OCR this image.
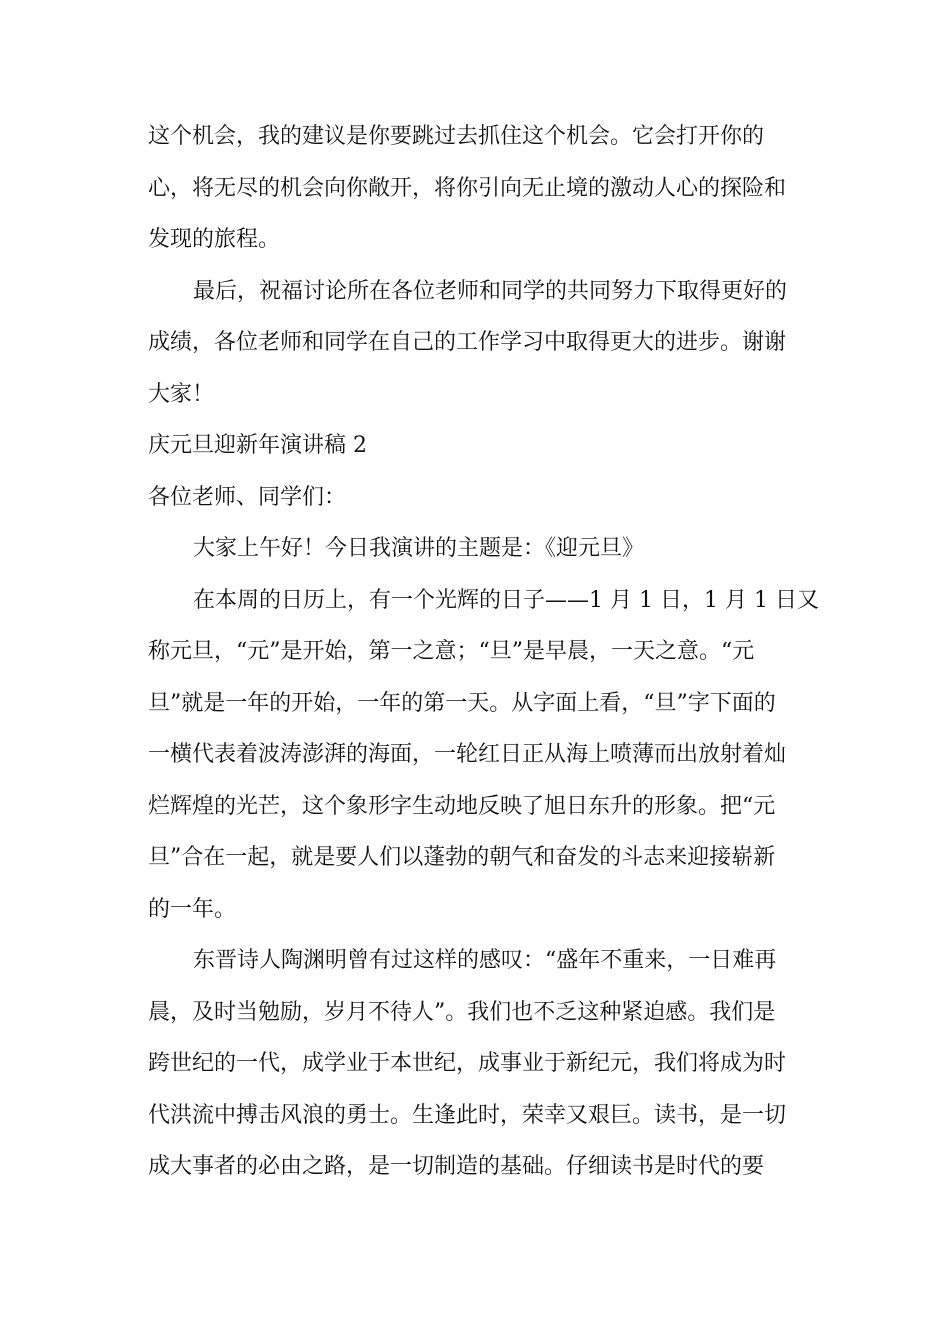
这个机会，我的建议是你要跳过去抓住这个机会。它会打开你的
心，将无尽的机会向你敞开，将你引向无止境的激动人心的探险和
发现的旅程。
最后，祝福讨论所在各位老师和同学的共同努力下取得更好的
成绩，各位老师和同学在自己的工作学习中取得更大的进步。谢谢
大家！
庆元旦迎新年演讲稿 2
各位老师、同学们：
大家上午好！今日我演讲的主题是：《迎元旦》
在本周的日历上，有一个光辉的日子——1 月 1 日，1 月 1 日又
称元旦，“元”是开始，第一之意；“旦”是早晨，一天之意。“元
旦”就是一年的开始，一年的第一天。从字面上看，“旦”字下面的
一横代表着波涛澎湃的海面，一轮红日正从海上喷薄而出放射着灿
烂辉煌的光芒，这个象形字生动地反映了旭日东升的形象。把“元
旦”合在一起，就是要人们以蓬勃的朝气和奋发的斗志来迎接崭新
的一年。
东晋诗人陶渊明曾有过这样的感叹：“盛年不重来，一日难再
晨，及时当勉励，岁月不待人”。我们也不乏这种紧迫感。我们是
跨世纪的一代，成学业于本世纪，成事业于新纪元，我们将成为时
代洪流中搏击风浪的勇士。生逢此时，荣幸又艰巨。读书，是一切
成大事者的必由之路，是一切制造的基础。仔细读书是时代的要
